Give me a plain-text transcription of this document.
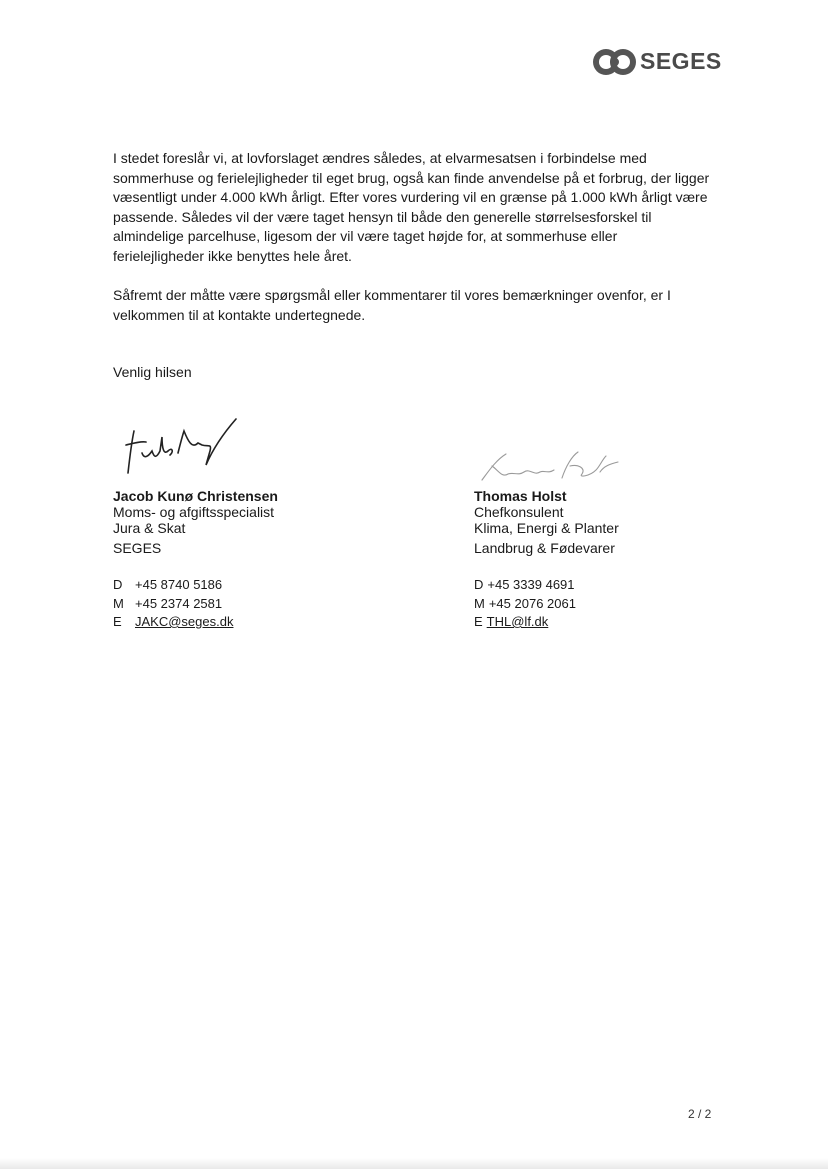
SEGES

I stedet foreslår vi, at lovforslaget ændres således, at elvarmesatsen i forbindelse med sommerhuse og ferielejligheder til eget brug, også kan finde anvendelse på et forbrug, der ligger væsentligt under 4.000 kWh årligt. Efter vores vurdering vil en grænse på 1.000 kWh årligt være passende. Således vil der være taget hensyn til både den generelle størrelsesforskel til almindelige parcelhuse, ligesom der vil være taget højde for, at sommerhuse eller ferielejligheder ikke benyttes hele året.

Såfremt der måtte være spørgsmål eller kommentarer til vores bemærkninger ovenfor, er I velkommen til at kontakte undertegnede.

Venlig hilsen

Jacob Kunø Christensen
Moms- og afgiftsspecialist
Jura & Skat
SEGES
Thomas Holst
Chefkonsulent
Klima, Energi & Planter
Landbrug & Fødevarer
D +45 8740 5186
M +45 2374 2581
E JAKC@seges.dk
D +45 3339 4691
M +45 2076 2061
E THL@lf.dk
2 / 2
